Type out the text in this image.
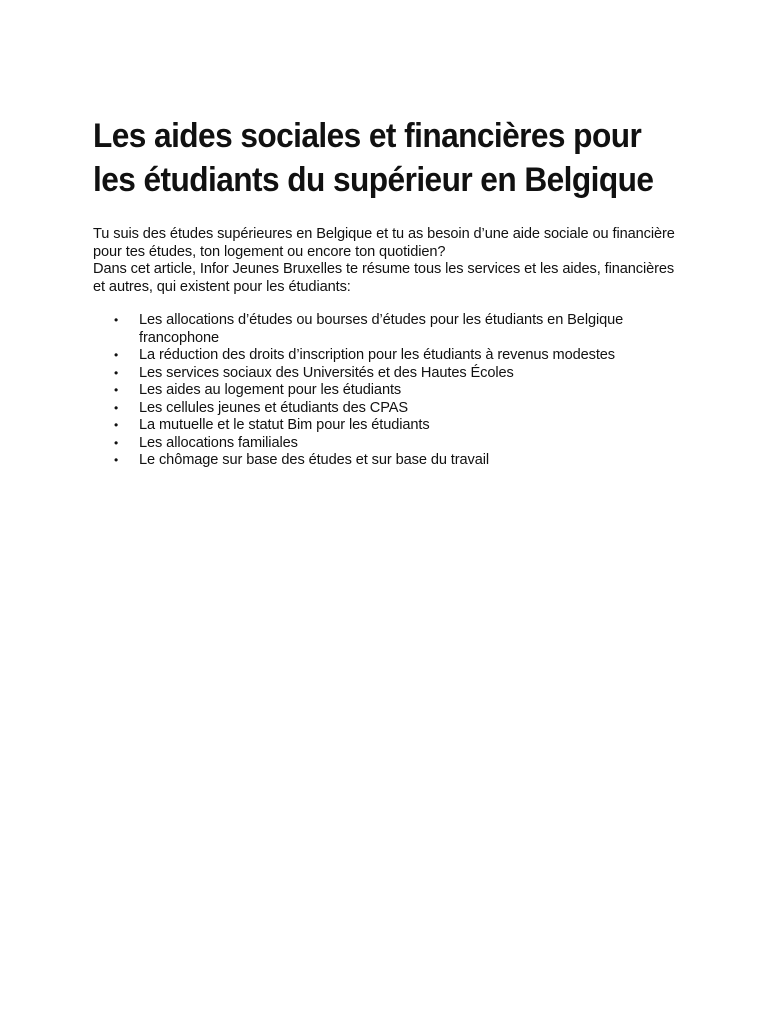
Les aides sociales et financières pour les étudiants du supérieur en Belgique

Tu suis des études supérieures en Belgique et tu as besoin d’une aide sociale ou financière pour tes études, ton logement ou encore ton quotidien?

Dans cet article, Infor Jeunes Bruxelles te résume tous les services et les aides, financières et autres, qui existent pour les étudiants:

• Les allocations d’études ou bourses d’études pour les étudiants en Belgique francophone
• La réduction des droits d’inscription pour les étudiants à revenus modestes
• Les services sociaux des Universités et des Hautes Écoles
• Les aides au logement pour les étudiants
• Les cellules jeunes et étudiants des CPAS
• La mutuelle et le statut Bim pour les étudiants
• Les allocations familiales
• Le chômage sur base des études et sur base du travail
